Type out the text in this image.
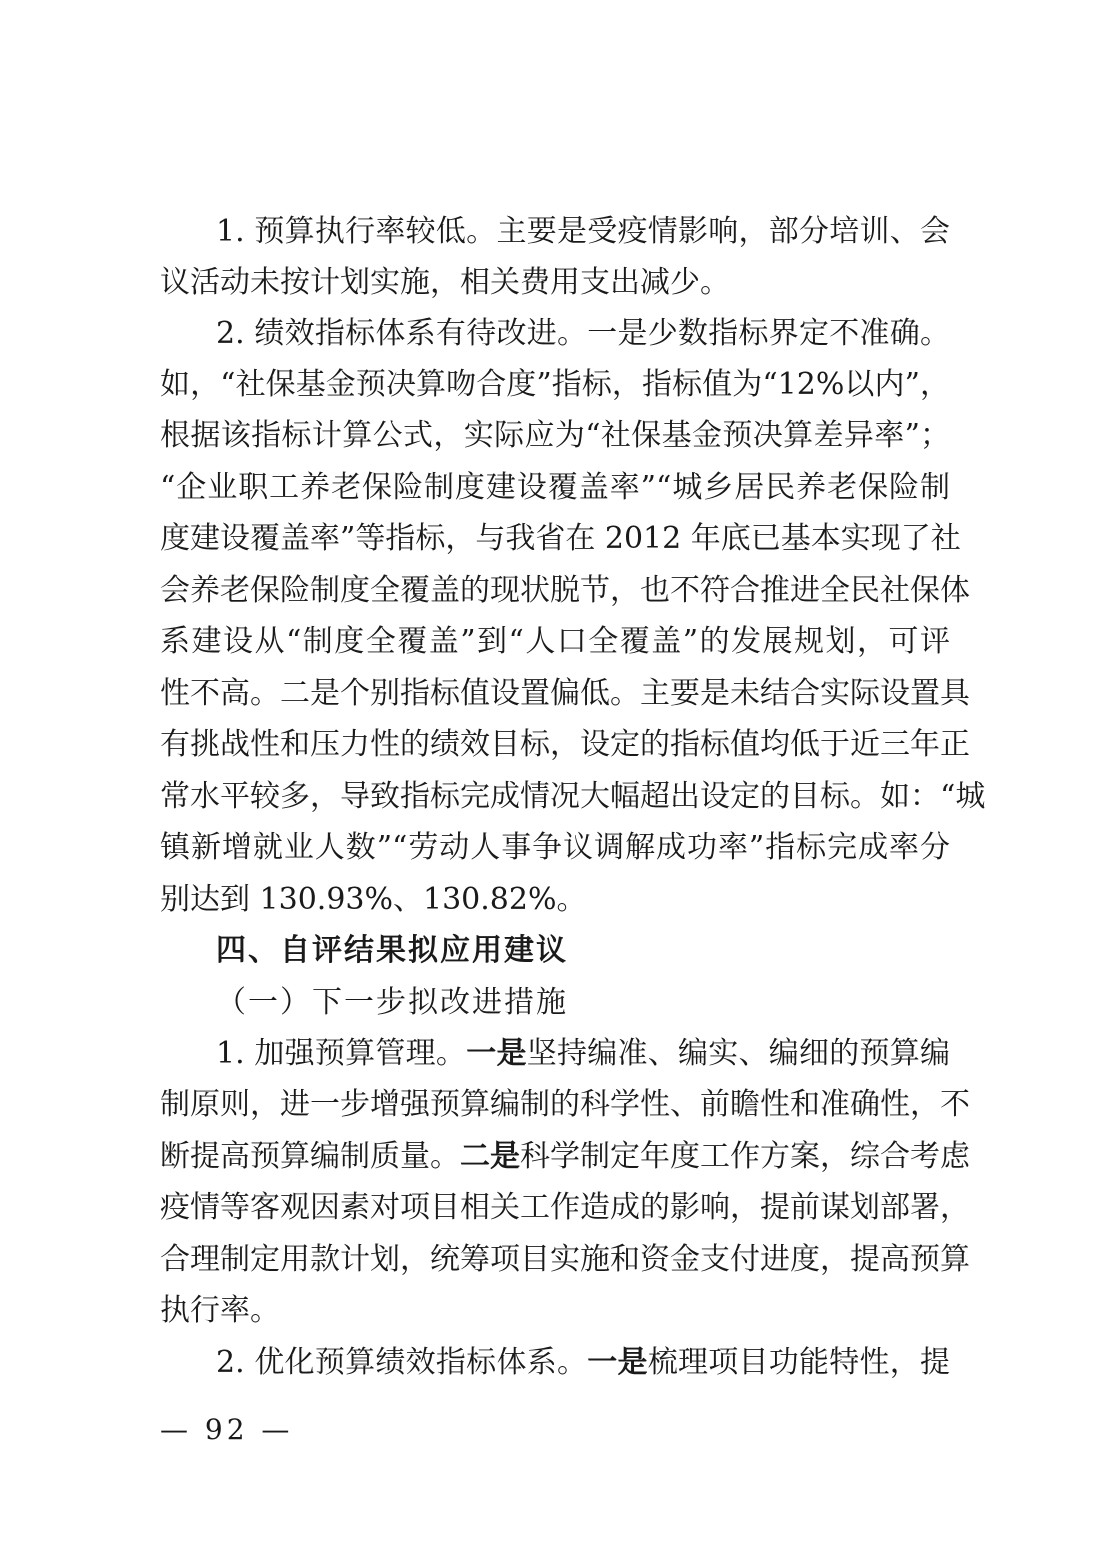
1. 预算执行率较低。主要是受疫情影响，部分培训、会
议活动未按计划实施，相关费用支出减少。
2. 绩效指标体系有待改进。一是少数指标界定不准确。
如，“社保基金预决算吻合度”指标，指标值为“12%以内”，
根据该指标计算公式，实际应为“社保基金预决算差异率”；
“企业职工养老保险制度建设覆盖率”“城乡居民养老保险制
度建设覆盖率”等指标，与我省在 2012 年底已基本实现了社
会养老保险制度全覆盖的现状脱节，也不符合推进全民社保体
系建设从“制度全覆盖”到“人口全覆盖”的发展规划，可评
性不高。二是个别指标值设置偏低。主要是未结合实际设置具
有挑战性和压力性的绩效目标，设定的指标值均低于近三年正
常水平较多，导致指标完成情况大幅超出设定的目标。如：“城
镇新增就业人数”“劳动人事争议调解成功率”指标完成率分
别达到 130.93%、130.82%。
四、自评结果拟应用建议
（一）下一步拟改进措施
1. 加强预算管理。一是坚持编准、编实、编细的预算编
制原则，进一步增强预算编制的科学性、前瞻性和准确性，不
断提高预算编制质量。二是科学制定年度工作方案，综合考虑
疫情等客观因素对项目相关工作造成的影响，提前谋划部署，
合理制定用款计划，统筹项目实施和资金支付进度，提高预算
执行率。
2. 优化预算绩效指标体系。一是梳理项目功能特性，提
— 92 —
